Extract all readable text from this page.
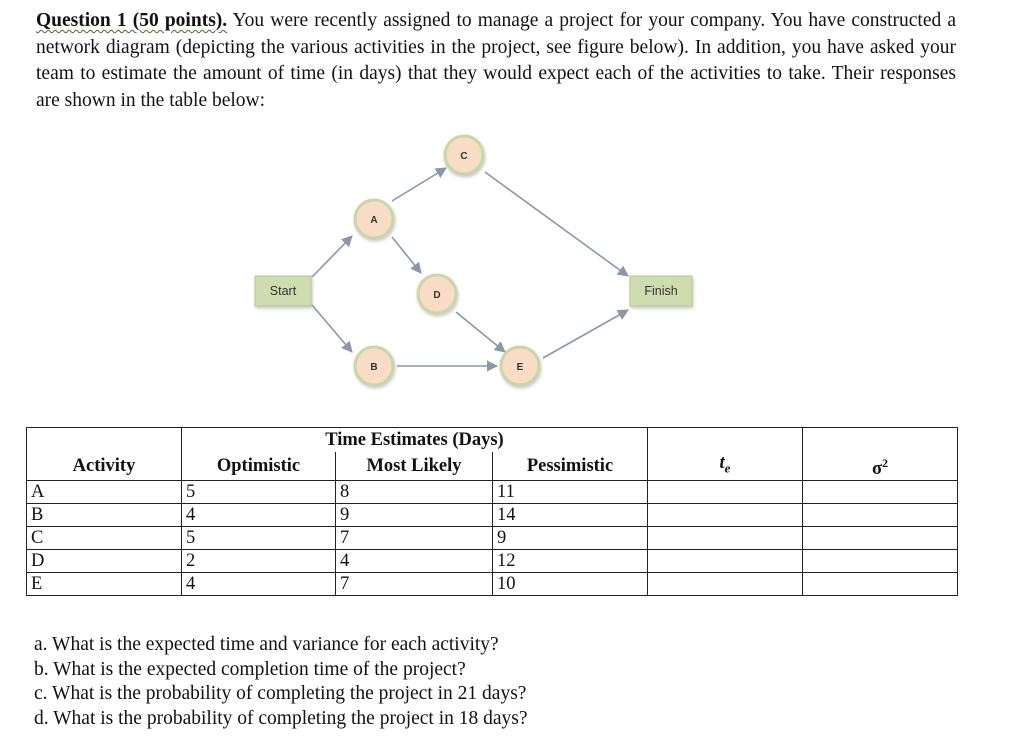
Question 1 (50 points). You were recently assigned to manage a project for your company. You have constructed a network diagram (depicting the various activities in the project, see figure below). In addition, you have asked your team to estimate the amount of time (in days) that they would expect each of the activities to take. Their responses are shown in the table below:
Start	Finish
A
B
C
D
E
	Time Estimates (Days)				
Activity	Optimistic	Most Likely	Pessimistic	$t_e$	$\sigma^2$
A	5	8	11		
B	4	9	14		
C	5	7	9		
D	2	4	12		
E	4	7	10		
a. What is the expected time and variance for each activity?
b. What is the expected completion time of the project?
c. What is the probability of completing the project in 21 days?
d. What is the probability of completing the project in 18 days?
